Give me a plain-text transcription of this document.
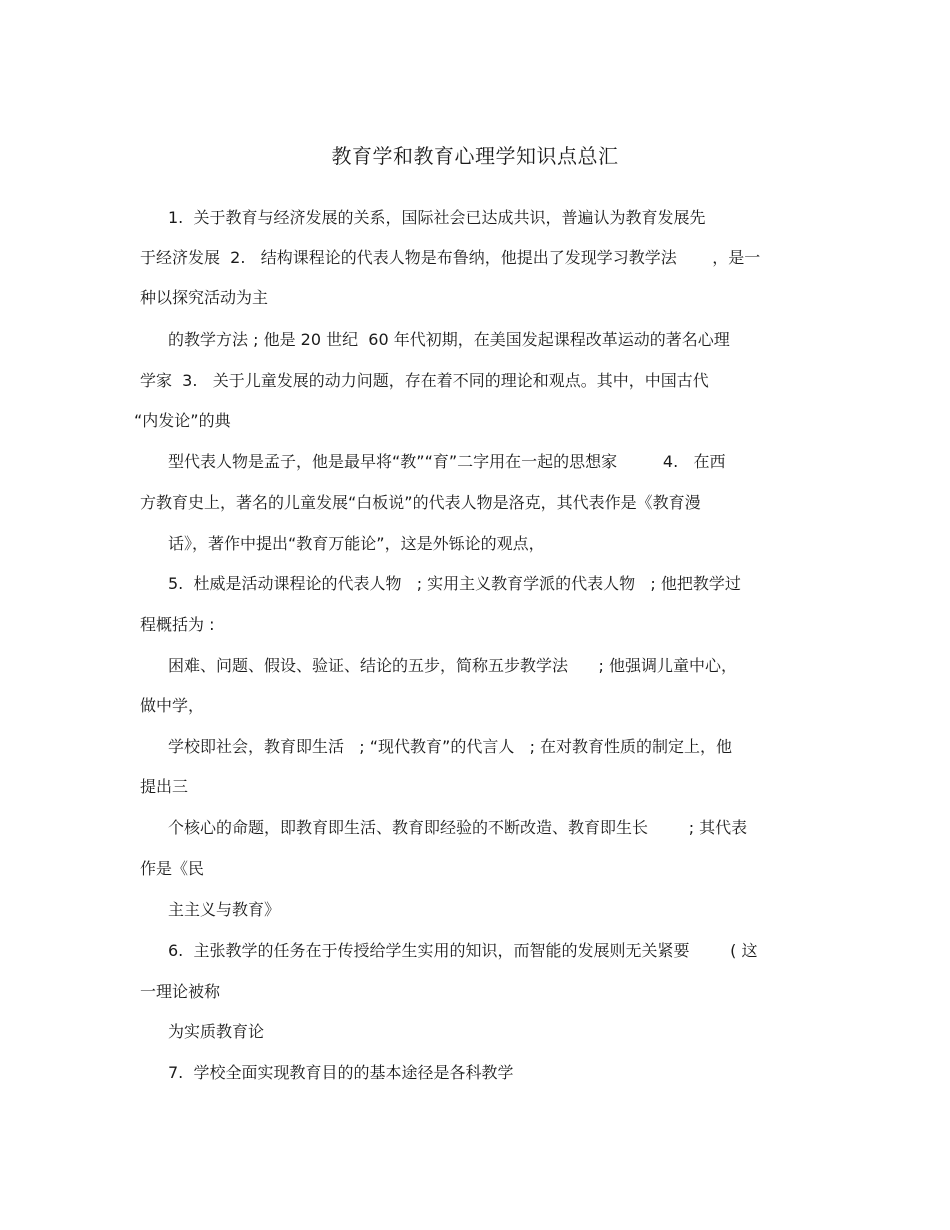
教育学和教育心理学知识点总汇
1.  关于教育与经济发展的关系，国际社会已达成共识，普遍认为教育发展先
于经济发展  2.   结构课程论的代表人物是布鲁纳，他提出了发现学习教学法       ，是一
种以探究活动为主
的教学方法 ; 他是 20 世纪  60 年代初期，在美国发起课程改革运动的著名心理
学家  3.   关于儿童发展的动力问题，存在着不同的理论和观点。其中，中国古代
“内发论”的典
型代表人物是孟子，他是最早将“教”“育”二字用在一起的思想家         4.   在西
方教育史上，著名的儿童发展“白板说”的代表人物是洛克，其代表作是《教育漫
话》，著作中提出“教育万能论”，这是外铄论的观点，
5.  杜威是活动课程论的代表人物   ; 实用主义教育学派的代表人物   ; 他把教学过
程概括为 :
困难、问题、假设、验证、结论的五步，简称五步教学法      ; 他强调儿童中心，
做中学，
学校即社会，教育即生活   ; “现代教育”的代言人   ; 在对教育性质的制定上，他
提出三
个核心的命题，即教育即生活、教育即经验的不断改造、教育即生长        ; 其代表
作是《民
主主义与教育》
6.  主张教学的任务在于传授给学生实用的知识，而智能的发展则无关紧要        ( 这
一理论被称
为实质教育论
7.  学校全面实现教育目的的基本途径是各科教学
